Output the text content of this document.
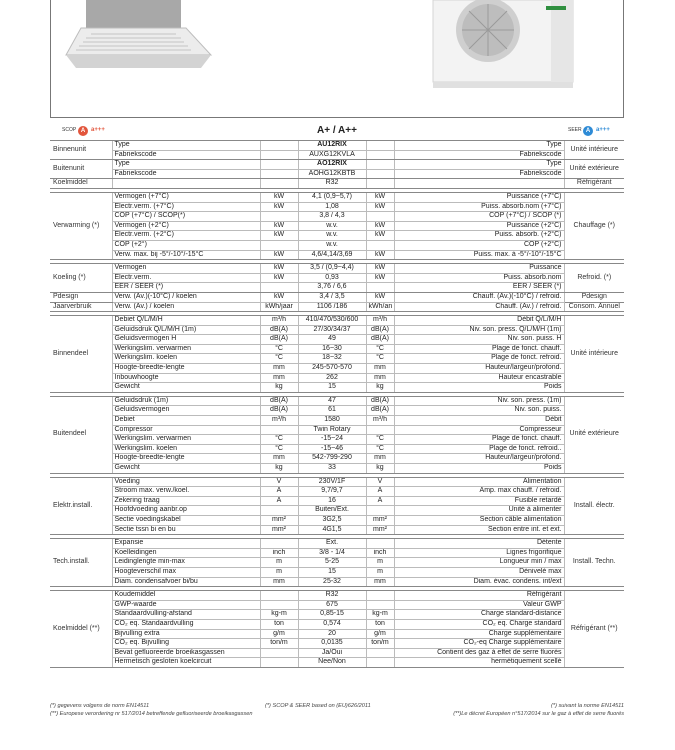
SCOP A a+++	A+ / A++	SEER A a+++
Binnenunit	Type		AU12RIX		Type	Unité intérieure
	Fabriekscode		AUXG12KVLA		Fabriekscode	
Buitenunit	Type		AO12RIX		Type	Unité extérieure
	Fabriekscode		AOHG12KBTB		Fabriekscode	
Koelmiddel			R32			Réfrigérant

Verwarming (*)	Vermogen (+7°C)	kW	4,1 (0,9~5,7)	kW	Puissance (+7°C)	Chauffage (*)
	Electr.verm. (+7°C)	kW	1,08	kW	Puiss. absorb.nom (+7°C)	
	COP (+7°C) / SCOP(*)		3,8 / 4,3		COP (+7°C) / SCOP (*)	
	Vermogen (+2°C)	kW	w.v.	kW	Puissance (+2°C)	
	Electr.verm. (+2°C)	kW	w.v.	kW	Puiss. absorb. (+2°C)	
	COP (+2°)		w.v.		COP (+2°C)	
	Verw. max. bij -5°/-10°/-15°C	kW	4,6/4,14/3,69	kW	Puiss. max. à -5°/-10°/-15°C	

Koeling (*)	Vermogen	kW	3,5 / (0,9~4,4)	kW	Puissance	Refroid. (*)
	Electr.verm.	kW	0,93	kW	Puiss. absorb.nom	
	EER / SEER (*)		3,76 / 6,6		EER / SEER (*)	
Pdesign	Verw. (Av.)(-10°C) / koelen	kW	3,4 / 3,5	kW	Chauff. (Av.)(-10°C) / refroid.	Pdesign
Jaarverbruik	Verw. (Av.) / koelen	kWh/jaar	1106 /186	kWh/an	Chauff. (Av.) / refroid.	Consom. Annuel

Binnendeel	Debiet Q/L/M/H	m³/h	410/470/530/600	m³/h	Débit Q/L/M/H	Unité intérieure
	Geluidsdruk Q/L/M/H (1m)	dB(A)	27/30/34/37	dB(A)	Niv. son. press. Q/L/M/H (1m)	
	Geluidsvermogen H	dB(A)	49	dB(A)	Niv. son. puiss. H	
	Werkingslim. verwarmen	°C	16~30	°C	Plage de fonct. chauff.	
	Werkingslim. koelen	°C	18~32	°C	Plage de fonct. refroid.	
	Hoogte-breedte-lengte	mm	245-570-570	mm	Hauteur/largeur/profond.	
	Inbouwhoogte	mm	262	mm	Hauteur encastrable	
	Gewicht	kg	15	kg	Poids	

Buitendeel	Geluidsdruk (1m)	dB(A)	47	dB(A)	Niv. son. press. (1m)	Unité extérieure
	Geluidsvermogen	dB(A)	61	dB(A)	Niv. son. puiss.	
	Debiet	m³/h	1580	m³/h	Débit	
	Compressor		Twin Rotary		Compresseur	
	Werkingslim. verwarmen	°C	-15~24	°C	Plage de fonct. chauff.	
	Werkingslim. koelen	°C	-15~46	°C	Plage de fonct. refroid..	
	Hoogte-breedte-lengte	mm	542-799-290	mm	Hauteur/largeur/profond.	
	Gewicht	kg	33	kg	Poids	

Elektr.install.	Voeding	V	230V/1F	V	Alimentation	Install. électr.
	Stroom max. verw./koel.	A	9,7/9,7	A	Amp. max chauff. / refroid.	
	Zekering traag	A	16	A	Fusible retardé	
	Hoofdvoeding aanbr.op		Buiten/Ext.		Unité à alimenter	
	Sectie voedingskabel	mm²	3G2,5	mm²	Section câble alimentation	
	Sectie tssn bi en bu	mm²	4G1,5	mm²	Section entre int. et ext.	

Tech.install.	Expansie		Ext.		Détente	Install. Techn.
	Koelleidingen	inch	3/8 - 1/4	inch	Lignes frigorifique	
	Leidinglengte min-max	m	5-25	m	Longueur min / max	
	Hoogteverschil max	m	15	m	Dénivelé max	
	Diam. condensafvoer bi/bu	mm	25-32	mm	Diam. évac. condens. int/ext	

Koelmiddel (**)	Koudemiddel		R32		Réfrigérant	Réfrigérant (**)
	GWP-waarde		675		Valeur GWP	
	Standaardvulling-afstand	kg-m	0,85-15	kg-m	Charge standard-distance	
	CO₂ eq. Standaardvulling	ton	0,574	ton	CO₂ eq. Charge standard	
	Bijvulling extra	g/m	20	g/m	Charge supplémentaire	
	CO₂ eq. Bijvulling	ton/m	0,0135	ton/m	CO₂-eq Charge supplémentaire	
	Bevat gefluoreerde broeikasgassen		Ja/Oui		Contient des gaz à effet de serre fluorés	
	Hermetisch gesloten koelcircuit		Nee/Non		hermétiquement scellé	
(*) gegevens volgens de norm EN14511	(*) SCOP & SEER based on (EU)626/2011	(*) suivant la norme EN14511
(**) Europese verordering nr 517/2014 betreffende gefluoriseerde broeikasgassen	(**)Le décret Européen n°517/2014 sur le gaz à effet de serre fluorés
